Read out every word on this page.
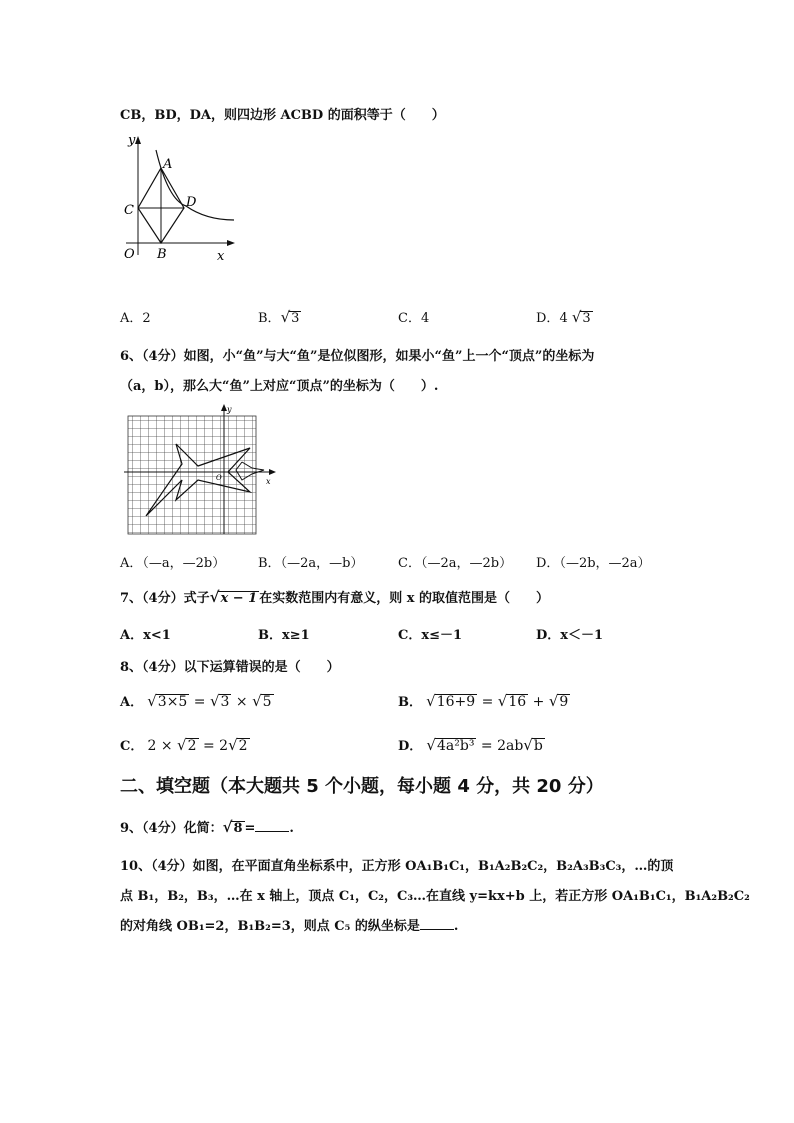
CB，BD，DA，则四边形 ACBD 的面积等于（　　）
y
A
D
C
O B	x
A．2	B．√3	C．4	D．4 √3
6、（4分）如图，小“鱼”与大“鱼”是位似图形，如果小“鱼”上一个“顶点”的坐标为
（a，b），那么大“鱼”上对应“顶点”的坐标为（　　）.
y
x
O
A．（—a，—2b）	B．（—2a，—b）	C．（—2a，—2b） D．（—2b，—2a）
7、（4分）式子√x − 1 在实数范围内有意义，则 x 的取值范围是（　　）
A．x<1	B．x≥1	C．x≤－1	D．x＜－1
8、（4分）以下运算错误的是（　　）
A． √3×5 = √3 × √5	B． √16+9 = √16 + √9
C． 2 × √2 = 2√2	D． √4a²b³ = 2ab√b
二、填空题（本大题共 5 个小题，每小题 4 分，共 20 分）
9、（4分）化简：√8 =	.
10、（4分）如图，在平面直角坐标系中，正方形 OA₁B₁C₁，B₁A₂B₂C₂，B₂A₃B₃C₃，…的顶
点 B₁，B₂，B₃，…在 x 轴上，顶点 C₁，C₂，C₃…在直线 y=kx+b 上，若正方形 OA₁B₁C₁，B₁A₂B₂C₂
的对角线 OB₁=2，B₁B₂=3，则点 C₅ 的纵坐标是	.
